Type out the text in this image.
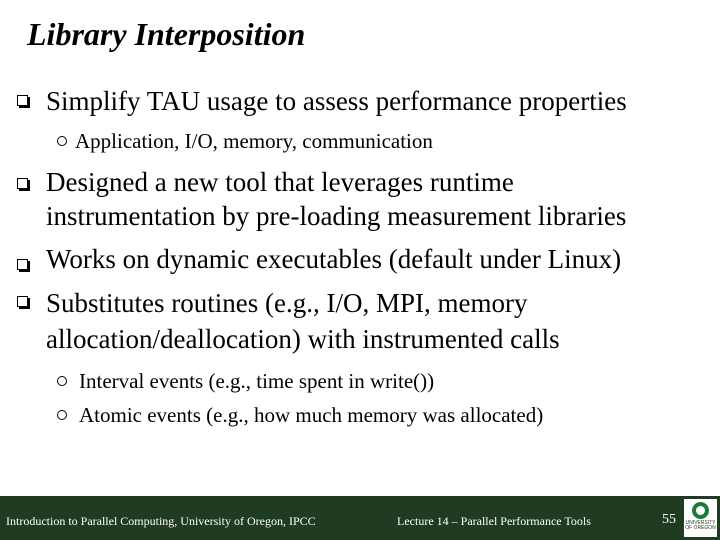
Library Interposition
Simplify TAU usage to assess performance properties
Application, I/O, memory, communication
Designed a new tool that leverages runtime
instrumentation by pre-loading measurement libraries
Works on dynamic executables (default under Linux)
Substitutes routines (e.g., I/O, MPI, memory
allocation/deallocation) with instrumented calls
Interval events (e.g., time spent in write())
Atomic events (e.g., how much memory was allocated)
Introduction to Parallel Computing, University of Oregon, IPCC	Lecture 14 – Parallel Performance Tools	55 UNIVERSITY
OF OREGON
